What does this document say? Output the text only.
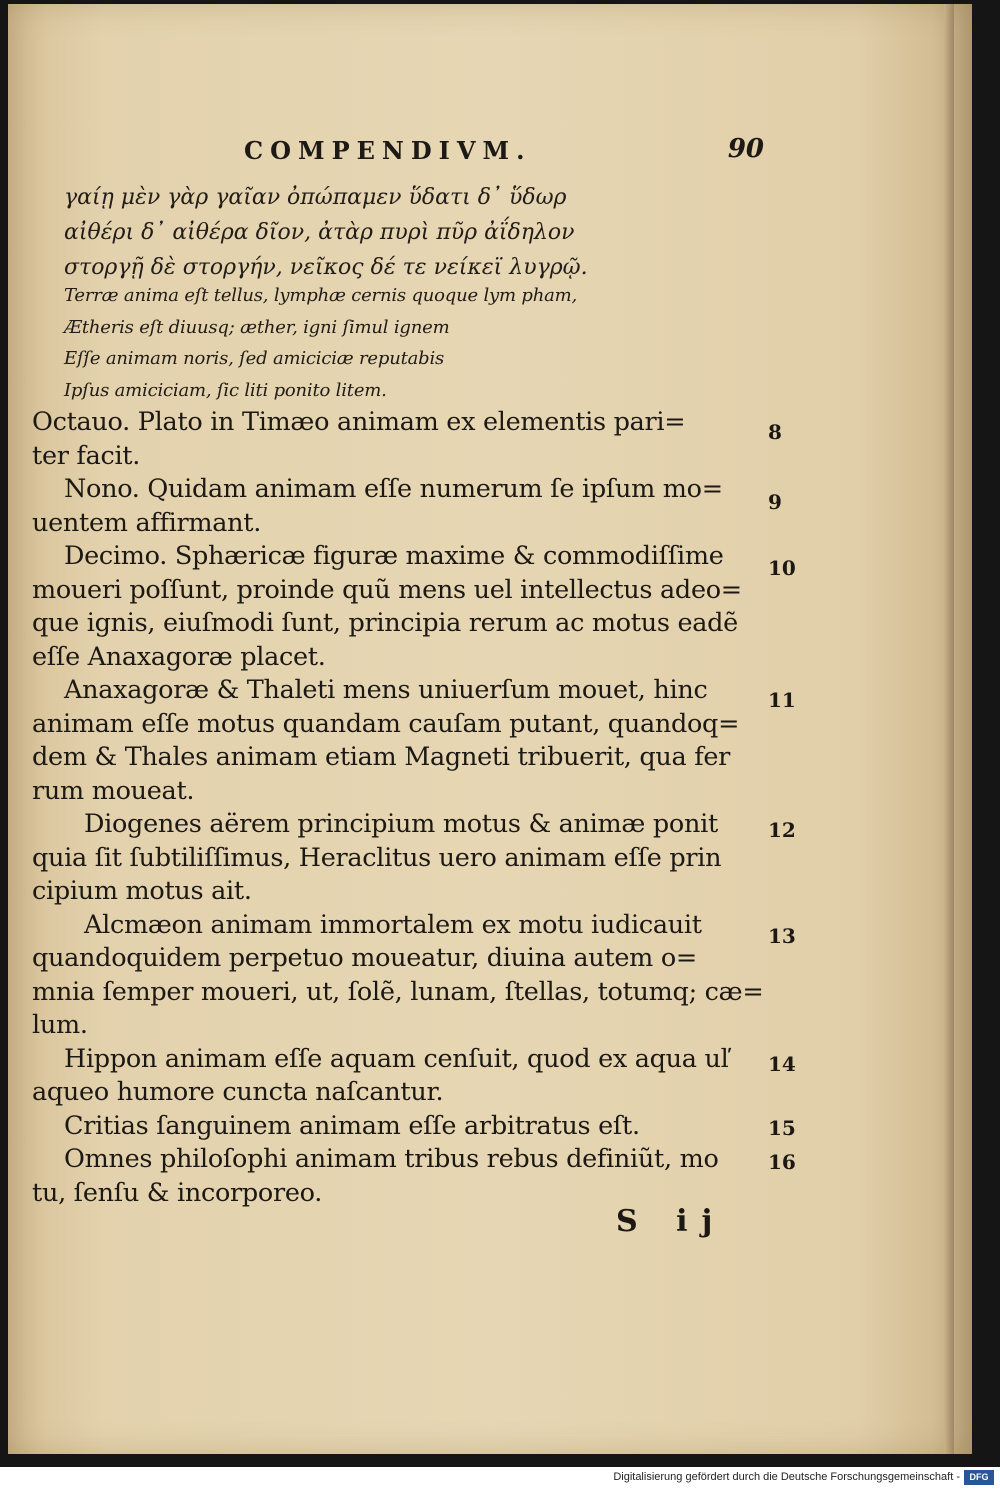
COMPENDIVM.	90
γαίῃ μὲν γὰρ γαῖαν ὀπώπαμεν ὕδατι δ᾽ ὕδωρ
αἰθέρι δ᾽ αἰθέρα δῖον, ἀτὰρ πυρὶ πῦρ ἀΐδηλον
στοργῇ δὲ στοργήν, νεῖκος δέ τε νείκεϊ λυγρῷ.
Terræ anima eſt tellus, lymphæ cernis quoque lym pham,
Ætheris eſt diuusq; æther, igni ſimul ignem
Eſſe animam noris, ſed amiciciæ reputabis
Ipſus amiciciam, ſic liti ponito litem.
Octauo. Plato in Timæo animam ex elementis pari=
ter facit.
Nono. Quidam animam eſſe numerum ſe ipſum mo=
uentem affirmant.
Decimo. Sphæricæ figuræ maxime & commodiſſime
moueri poſſunt, proinde quũ mens uel intellectus adeo=
que ignis, eiuſmodi ſunt, principia rerum ac motus eadẽ
eſſe Anaxagoræ placet.
Anaxagoræ & Thaleti mens uniuerſum mouet, hinc
animam eſſe motus quandam cauſam putant, quandoq=
dem & Thales animam etiam Magneti tribuerit, qua fer
rum moueat.
Diogenes aërem principium motus & animæ ponit
quia ſit ſubtiliſſimus, Heraclitus uero animam eſſe prin
cipium motus ait.
Alcmæon animam immortalem ex motu iudicauit
quandoquidem perpetuo moueatur, diuina autem o=
mnia ſemper moueri, ut, ſolẽ, lunam, ſtellas, totumq; cæ=
lum.
Hippon animam eſſe aquam cenſuit, quod ex aqua uľ
aqueo humore cuncta naſcantur.
Critias ſanguinem animam eſſe arbitratus eſt.
Omnes philoſophi animam tribus rebus definiũt, mo
tu, ſenſu & incorporeo.
8
9
10
11
12
13
14
15
16
S ij
Digitalisierung gefördert durch die Deutsche Forschungsgemeinschaft -	DFG
